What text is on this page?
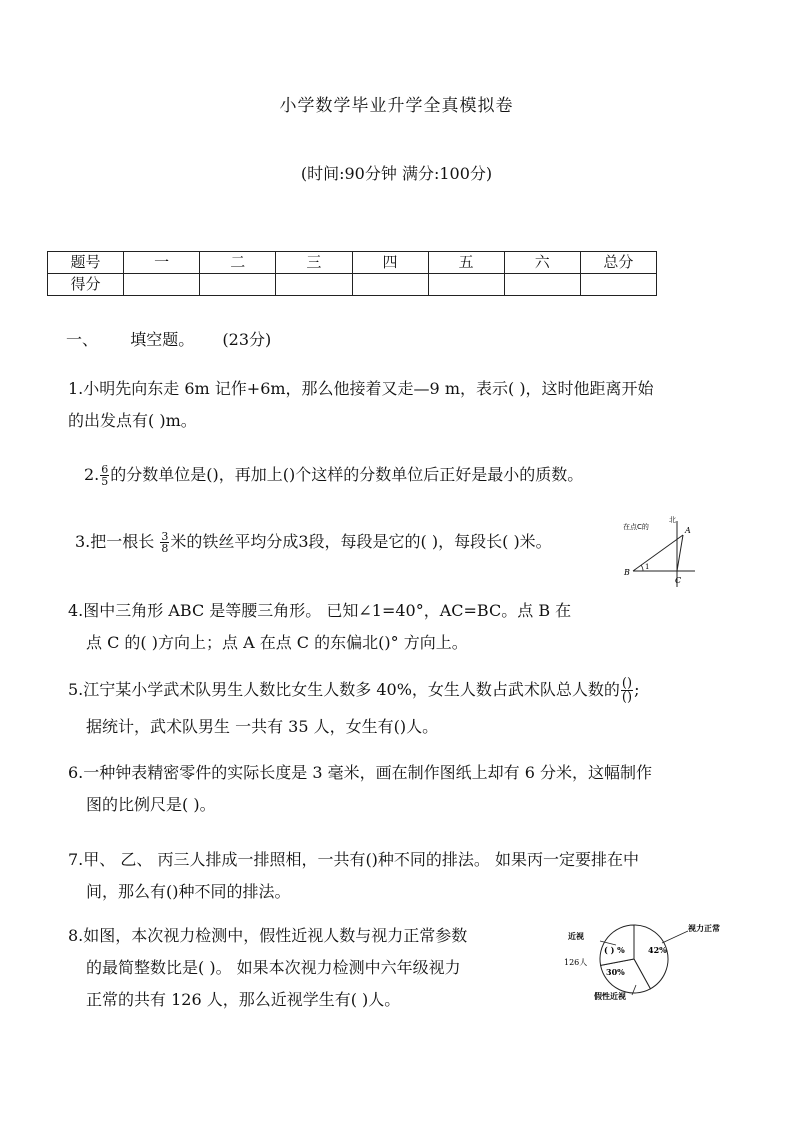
小学数学毕业升学全真模拟卷
(时间:90分钟 满分:100分)
题号	一	二	三	四	五	六	总分
得分							
一、 填空题。 (23分)
1.小明先向东走 6m 记作+6m，那么他接着又走—9 m，表示( )，这时他距离开始
的出发点有( )m。
2. $\frac{6}{5}$ 的分数单位是()，再加上()个这样的分数单位后正好是最小的质数。
3.把一根长 $\frac{3}{8}$ 米的铁丝平均分成3段，每段是它的( )，每段长( )米。
在点C的
北
A
B
C
1
4.图中三角形 ABC 是等腰三角形。 已知∠1=40°，AC=BC。点 B 在
点 C 的( )方向上；点 A 在点 C 的东偏北()° 方向上。
5.江宁某小学武术队男生人数比女生人数多 40%，女生人数占武术队总人数的 $\frac{()}{()}$ ;
据统计，武术队男生 一共有 35 人，女生有()人。
6.一种钟表精密零件的实际长度是 3 毫米，画在制作图纸上却有 6 分米，这幅制作
图的比例尺是( )。
7.甲、 乙、 丙三人排成一排照相，一共有()种不同的排法。 如果丙一定要排在中
间，那么有()种不同的排法。
8.如图，本次视力检测中，假性近视人数与视力正常参数
的最简整数比是( )。 如果本次视力检测中六年级视力
正常的共有 126 人，那么近视学生有( )人。
视力正常
近视
126人
假性近视
42%
30%
( ) %
